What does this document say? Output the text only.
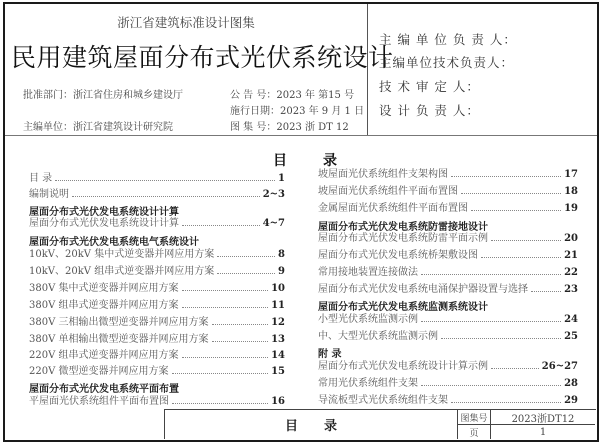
浙江省建筑标准设计图集
民用建筑屋面分布式光伏系统设计
批准部门：浙江省住房和城乡建设厅
主编单位：浙江省建筑设计研究院
公 告 号：2023 年 第15 号
施行日期：2023 年 9 月 1 日
图 集 号：2023 浙 DT 12
主 编 单 位 负 责 人：
主编单位技术负责人：
技 术 审 定 人：
设 计 负 责 人：
目	录
目 录	1
编制说明	2~3
屋面分布式光伏发电系统设计计算
屋面分布式光伏发电系统设计计算	4~7
屋面分布式光伏发电系统电气系统设计
10kV、20kV 集中式逆变器并网应用方案	8
10kV、20kV 组串式逆变器并网应用方案	9
380V 集中式逆变器并网应用方案	10
380V 组串式逆变器并网应用方案	11
380V 三相输出微型逆变器并网应用方案	12
380V 单相输出微型逆变器并网应用方案	13
220V 组串式逆变器并网应用方案	14
220V 微型逆变器并网应用方案	15
屋面分布式光伏发电系统平面布置
平屋面光伏系统组件平面布置图	16
坡屋面光伏系统组件支架构图	17
坡屋面光伏系统组件平面布置图	18
金属屋面光伏系统组件平面布置图	19
屋面分布式光伏发电系统防雷接地设计
屋面分布式光伏发电系统防雷平面示例	20
屋面分布式光伏发电系统桥架敷设图	21
常用接地装置连接做法	22
屋面分布式光伏发电系统电涌保护器设置与选择	23
屋面分布式光伏发电系统监测系统设计
小型光伏系统监测示例	24
中、大型光伏系统监测示例	25
附 录
屋面分布式光伏发电系统设计计算示例	26~27
常用光伏系统组件支架	28
导流板型式光伏系统组件支架	29
目录
图集号	2023浙DT12
页	1
